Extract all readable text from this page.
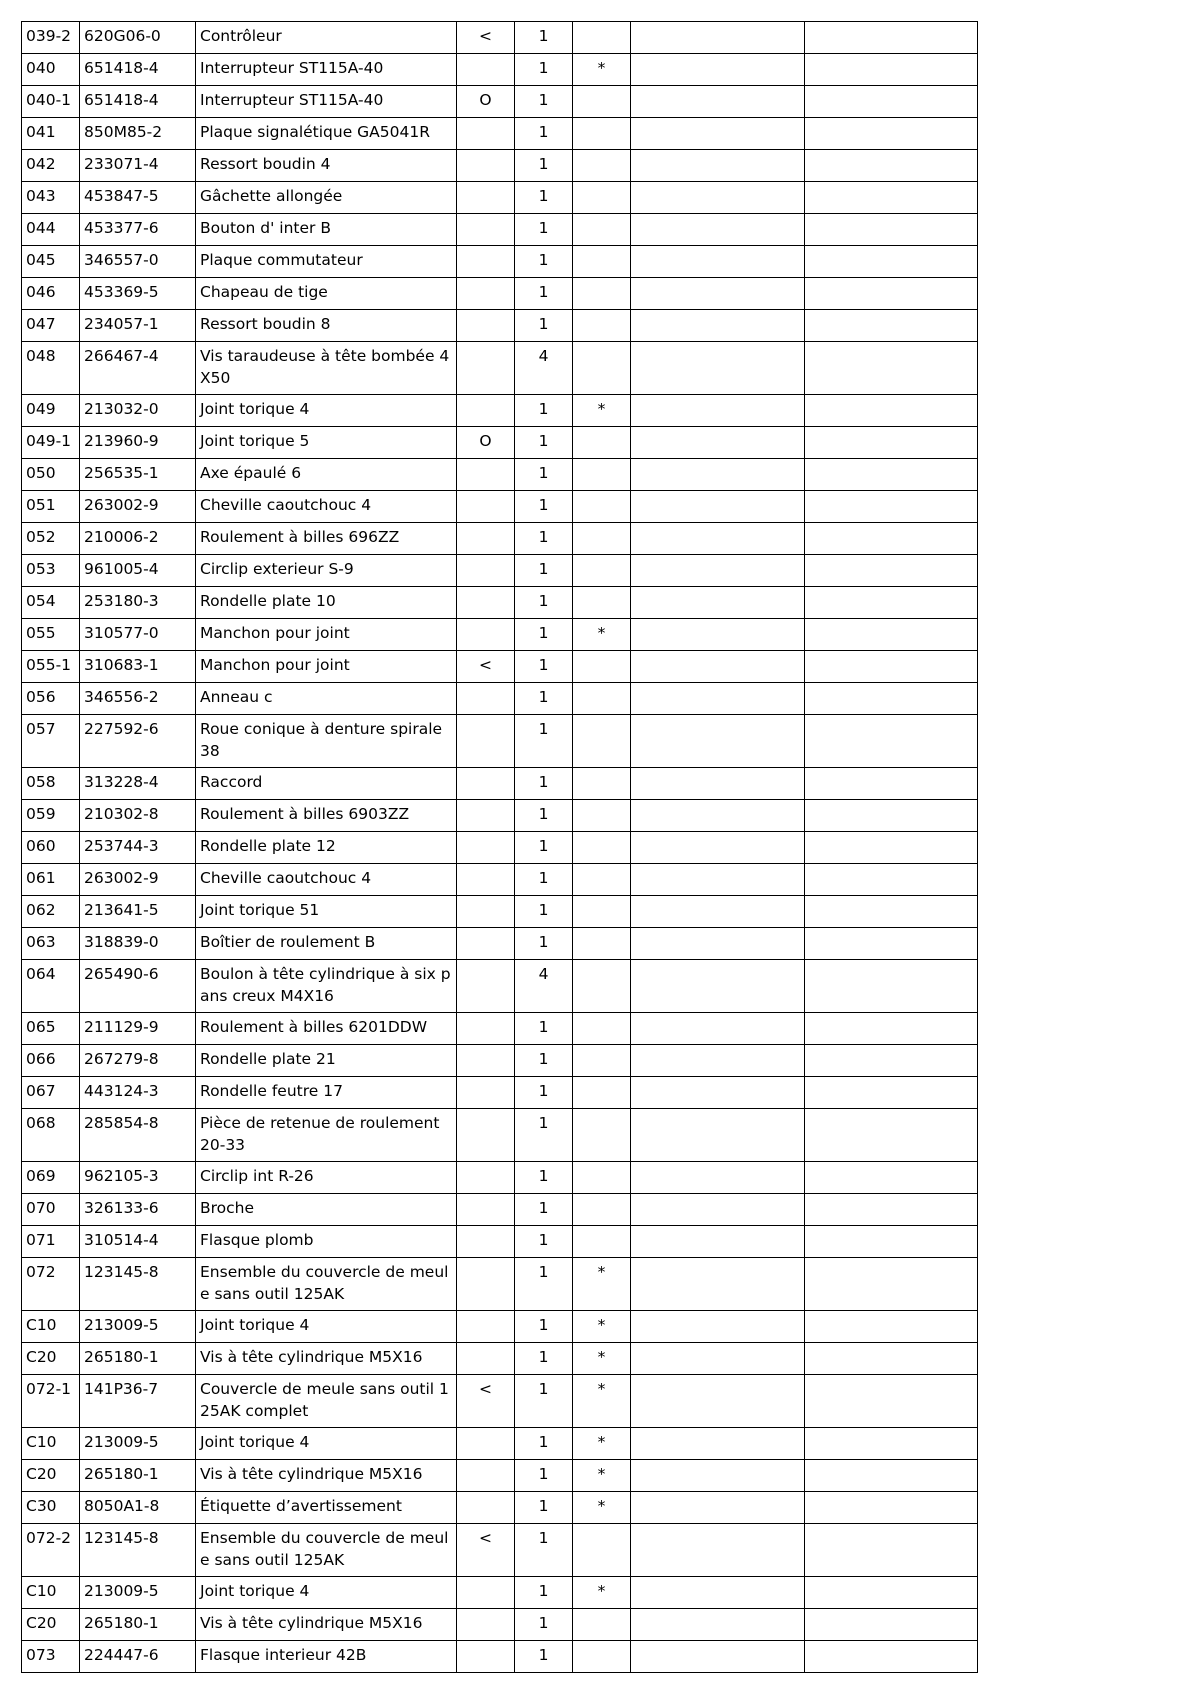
039-2	620G06-0	Contrôleur	<	1			
040	651418-4	Interrupteur ST115A-40		1	*		
040-1	651418-4	Interrupteur ST115A-40	O	1			
041	850M85-2	Plaque signalétique GA5041R		1			
042	233071-4	Ressort boudin 4		1			
043	453847-5	Gâchette allongée		1			
044	453377-6	Bouton d' inter B		1			
045	346557-0	Plaque commutateur		1			
046	453369-5	Chapeau de tige		1			
047	234057-1	Ressort boudin 8		1			
048	266467-4	Vis taraudeuse à tête bombée 4X50		4			
049	213032-0	Joint torique 4		1	*		
049-1	213960-9	Joint torique 5	O	1			
050	256535-1	Axe épaulé 6		1			
051	263002-9	Cheville caoutchouc 4		1			
052	210006-2	Roulement à billes 696ZZ		1			
053	961005-4	Circlip exterieur S-9		1			
054	253180-3	Rondelle plate 10		1			
055	310577-0	Manchon pour joint		1	*		
055-1	310683-1	Manchon pour joint	<	1			
056	346556-2	Anneau c		1			
057	227592-6	Roue conique à denture spirale 38		1			
058	313228-4	Raccord		1			
059	210302-8	Roulement à billes 6903ZZ		1			
060	253744-3	Rondelle plate 12		1			
061	263002-9	Cheville caoutchouc 4		1			
062	213641-5	Joint torique 51		1			
063	318839-0	Boîtier de roulement B		1			
064	265490-6	Boulon à tête cylindrique à six pans creux M4X16		4			
065	211129-9	Roulement à billes 6201DDW		1			
066	267279-8	Rondelle plate 21		1			
067	443124-3	Rondelle feutre 17		1			
068	285854-8	Pièce de retenue de roulement 20-33		1			
069	962105-3	Circlip int R-26		1			
070	326133-6	Broche		1			
071	310514-4	Flasque plomb		1			
072	123145-8	Ensemble du couvercle de meule sans outil 125AK		1	*		
C10	213009-5	Joint torique 4		1	*		
C20	265180-1	Vis à tête cylindrique M5X16		1	*		
072-1	141P36-7	Couvercle de meule sans outil 125AK complet	<	1	*		
C10	213009-5	Joint torique 4		1	*		
C20	265180-1	Vis à tête cylindrique M5X16		1	*		
C30	8050A1-8	Étiquette d’avertissement		1	*		
072-2	123145-8	Ensemble du couvercle de meule sans outil 125AK	<	1			
C10	213009-5	Joint torique 4		1	*		
C20	265180-1	Vis à tête cylindrique M5X16		1			
073	224447-6	Flasque interieur 42B		1			
